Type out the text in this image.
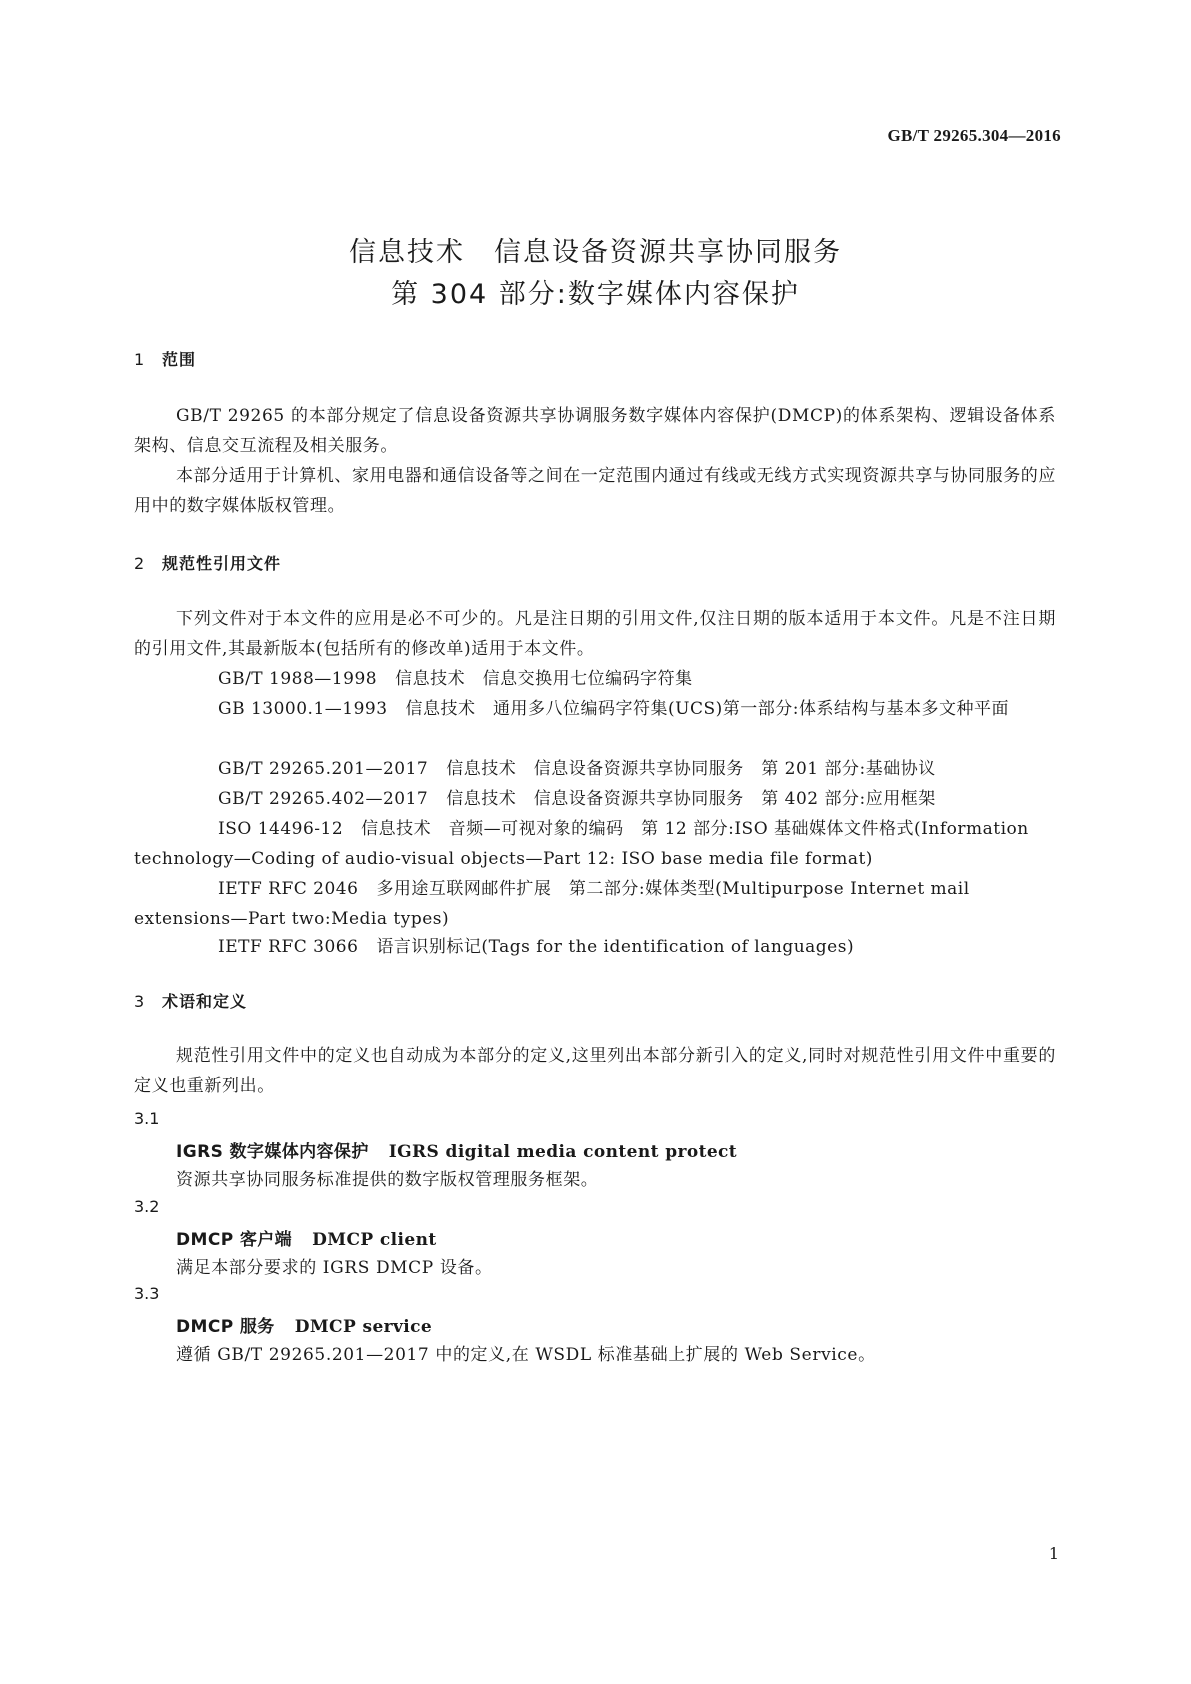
GB/T 29265.304—2016
信息技术　信息设备资源共享协同服务
第 304 部分:数字媒体内容保护
1 范围
GB/T 29265 的本部分规定了信息设备资源共享协调服务数字媒体内容保护(DMCP)的体系架构、逻辑设备体系架构、信息交互流程及相关服务。
本部分适用于计算机、家用电器和通信设备等之间在一定范围内通过有线或无线方式实现资源共享与协同服务的应用中的数字媒体版权管理。
2 规范性引用文件
下列文件对于本文件的应用是必不可少的。凡是注日期的引用文件,仅注日期的版本适用于本文件。凡是不注日期的引用文件,其最新版本(包括所有的修改单)适用于本文件。
GB/T 1988—1998 信息技术　信息交换用七位编码字符集
GB 13000.1—1993 信息技术　通用多八位编码字符集(UCS)第一部分:体系结构与基本多文种平面
GB/T 29265.201—2017 信息技术　信息设备资源共享协同服务　第 201 部分:基础协议
GB/T 29265.402—2017 信息技术　信息设备资源共享协同服务　第 402 部分:应用框架
ISO 14496-12 信息技术　音频—可视对象的编码　第 12 部分:ISO 基础媒体文件格式(Information technology—Coding of audio-visual objects—Part 12: ISO base media file format)
IETF RFC 2046 多用途互联网邮件扩展　第二部分:媒体类型(Multipurpose Internet mail extensions—Part two:Media types)
IETF RFC 3066 语言识别标记(Tags for the identification of languages)
3 术语和定义
规范性引用文件中的定义也自动成为本部分的定义,这里列出本部分新引入的定义,同时对规范性引用文件中重要的定义也重新列出。
3.1
IGRS 数字媒体内容保护 IGRS digital media content protect
资源共享协同服务标准提供的数字版权管理服务框架。
3.2
DMCP 客户端 DMCP client
满足本部分要求的 IGRS DMCP 设备。
3.3
DMCP 服务 DMCP service
遵循 GB/T 29265.201—2017 中的定义,在 WSDL 标准基础上扩展的 Web Service。
1
